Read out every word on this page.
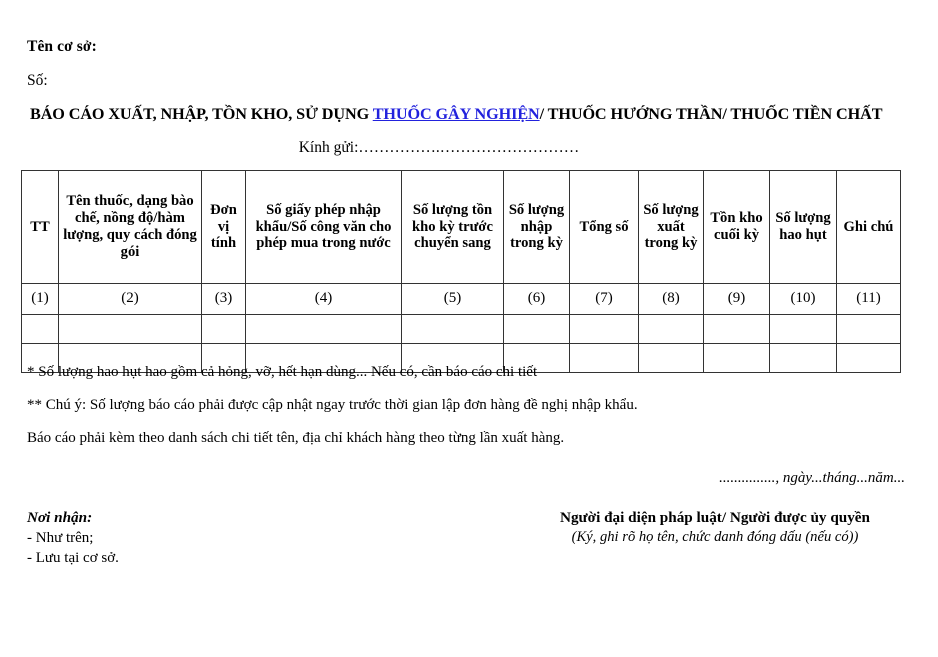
Tên cơ sở:
Số:
BÁO CÁO XUẤT, NHẬP, TỒN KHO, SỬ DỤNG THUỐC GÂY NGHIỆN/ THUỐC HƯỚNG THẦN/ THUỐC TIỀN CHẤT
Kính gửi:…………….………………………
TT	Tên thuốc, dạng bào chế, nồng độ/hàm lượng, quy cách đóng gói	Đơn vị tính	Số giấy phép nhập khẩu/Số công văn cho phép mua trong nước	Số lượng tồn kho kỳ trước chuyển sang	Số lượng nhập trong kỳ	Tổng số	Số lượng xuất trong kỳ	Tồn kho cuối kỳ	Số lượng hao hụt	Ghi chú
(1)	(2)	(3)	(4)	(5)	(6)	(7)	(8)	(9)	(10)	(11)

* Số lượng hao hụt hao gồm cả hỏng, vỡ, hết hạn dùng... Nếu có, cần báo cáo chi tiết
** Chú ý: Số lượng báo cáo phải được cập nhật ngay trước thời gian lập đơn hàng đề nghị nhập khẩu.
Báo cáo phải kèm theo danh sách chi tiết tên, địa chỉ khách hàng theo từng lần xuất hàng.
..............., ngày...tháng...năm...
Người đại diện pháp luật/ Người được ủy quyền
(Ký, ghi rõ họ tên, chức danh đóng dấu (nếu có))
Nơi nhận:
- Như trên;
- Lưu tại cơ sở.
